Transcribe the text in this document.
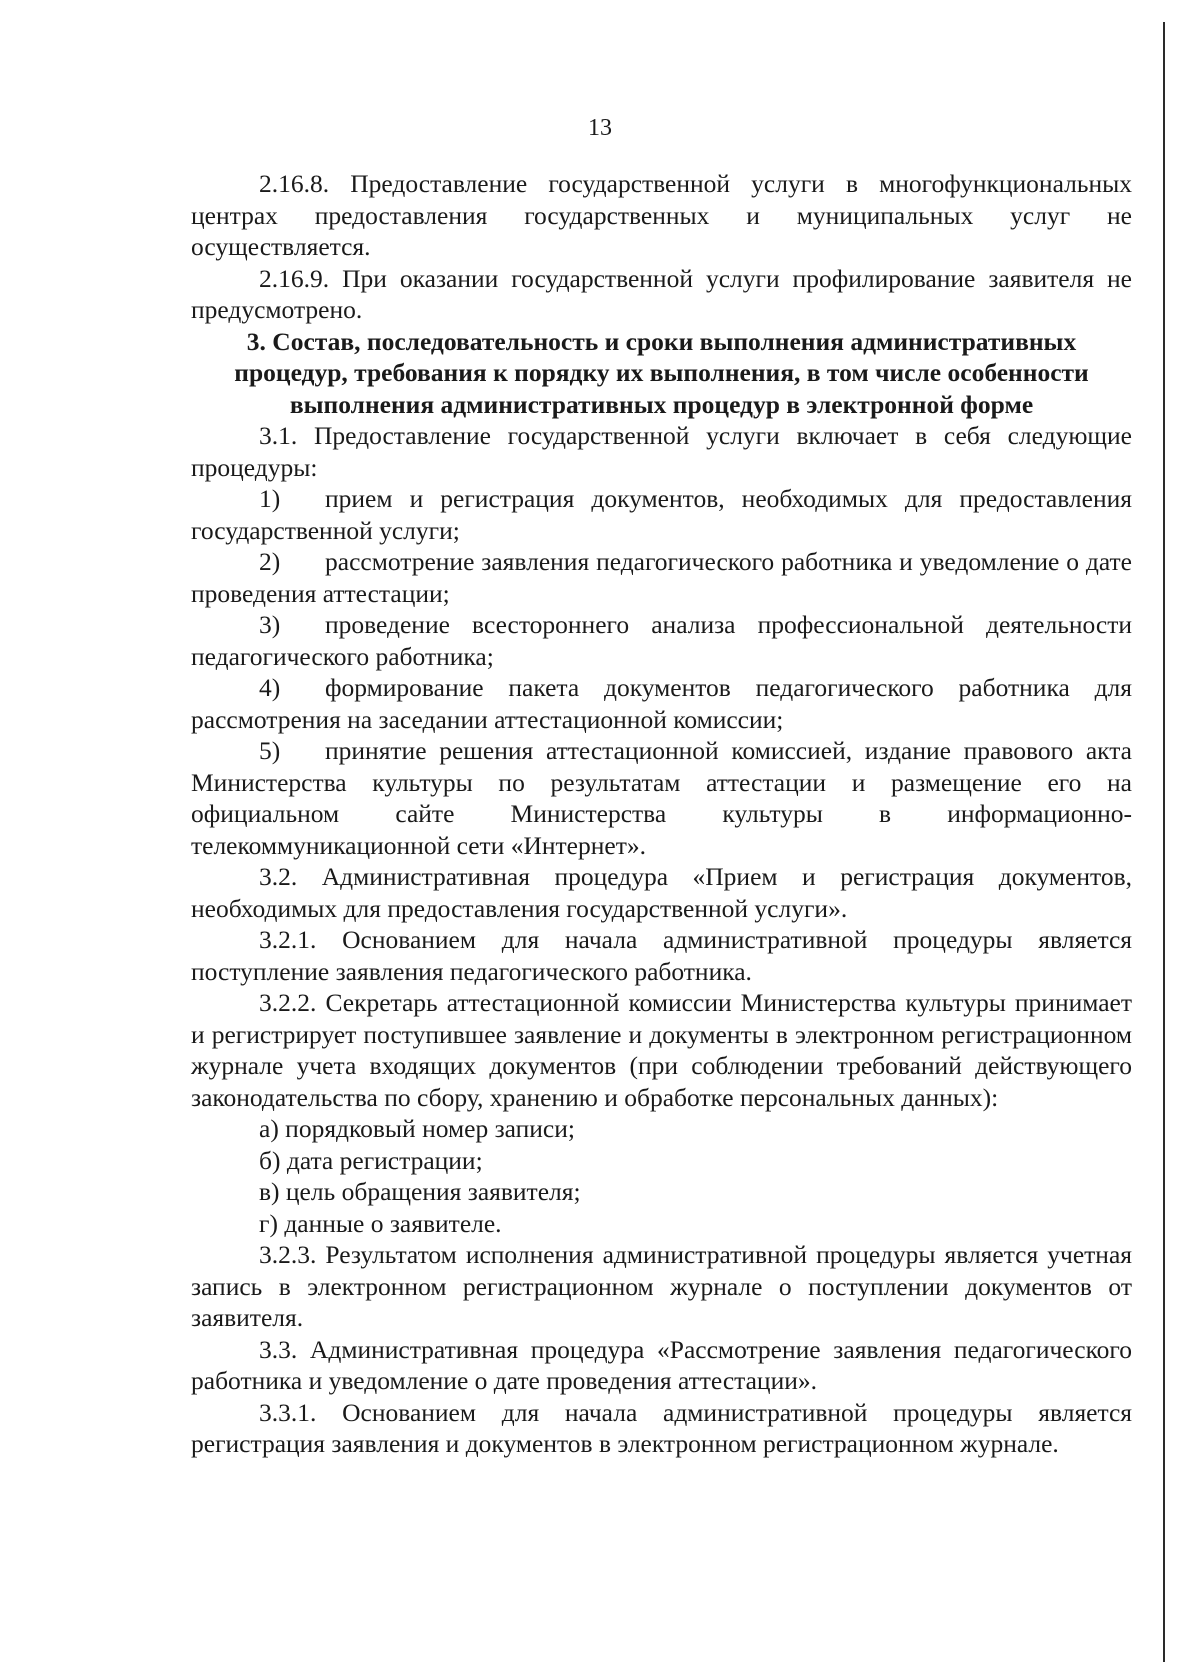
13

2.16.8. Предоставление государственной услуги в многофункциональных центрах предоставления государственных и муниципальных услуг не осуществляется.

2.16.9. При оказании государственной услуги профилирование заявителя не предусмотрено.

3. Состав, последовательность и сроки выполнения административных процедур, требования к порядку их выполнения, в том числе особенности выполнения административных процедур в электронной форме

3.1. Предоставление государственной услуги включает в себя следующие процедуры:

1) прием и регистрация документов, необходимых для предоставления государственной услуги;

2) рассмотрение заявления педагогического работника и уведомление о дате проведения аттестации;

3) проведение всестороннего анализа профессиональной деятельности педагогического работника;

4) формирование пакета документов педагогического работника для рассмотрения на заседании аттестационной комиссии;

5) принятие решения аттестационной комиссией, издание правового акта Министерства культуры по результатам аттестации и размещение его на официальном сайте Министерства культуры в информационно-телекоммуникационной сети «Интернет».

3.2. Административная процедура «Прием и регистрация документов, необходимых для предоставления государственной услуги».

3.2.1. Основанием для начала административной процедуры является поступление заявления педагогического работника.

3.2.2. Секретарь аттестационной комиссии Министерства культуры принимает и регистрирует поступившее заявление и документы в электронном регистрационном журнале учета входящих документов (при соблюдении требований действующего законодательства по сбору, хранению и обработке персональных данных):

а) порядковый номер записи;

б) дата регистрации;

в) цель обращения заявителя;

г) данные о заявителе.

3.2.3. Результатом исполнения административной процедуры является учетная запись в электронном регистрационном журнале о поступлении документов от заявителя.

3.3. Административная процедура «Рассмотрение заявления педагогического работника и уведомление о дате проведения аттестации».

3.3.1. Основанием для начала административной процедуры является регистрация заявления и документов в электронном регистрационном журнале.
